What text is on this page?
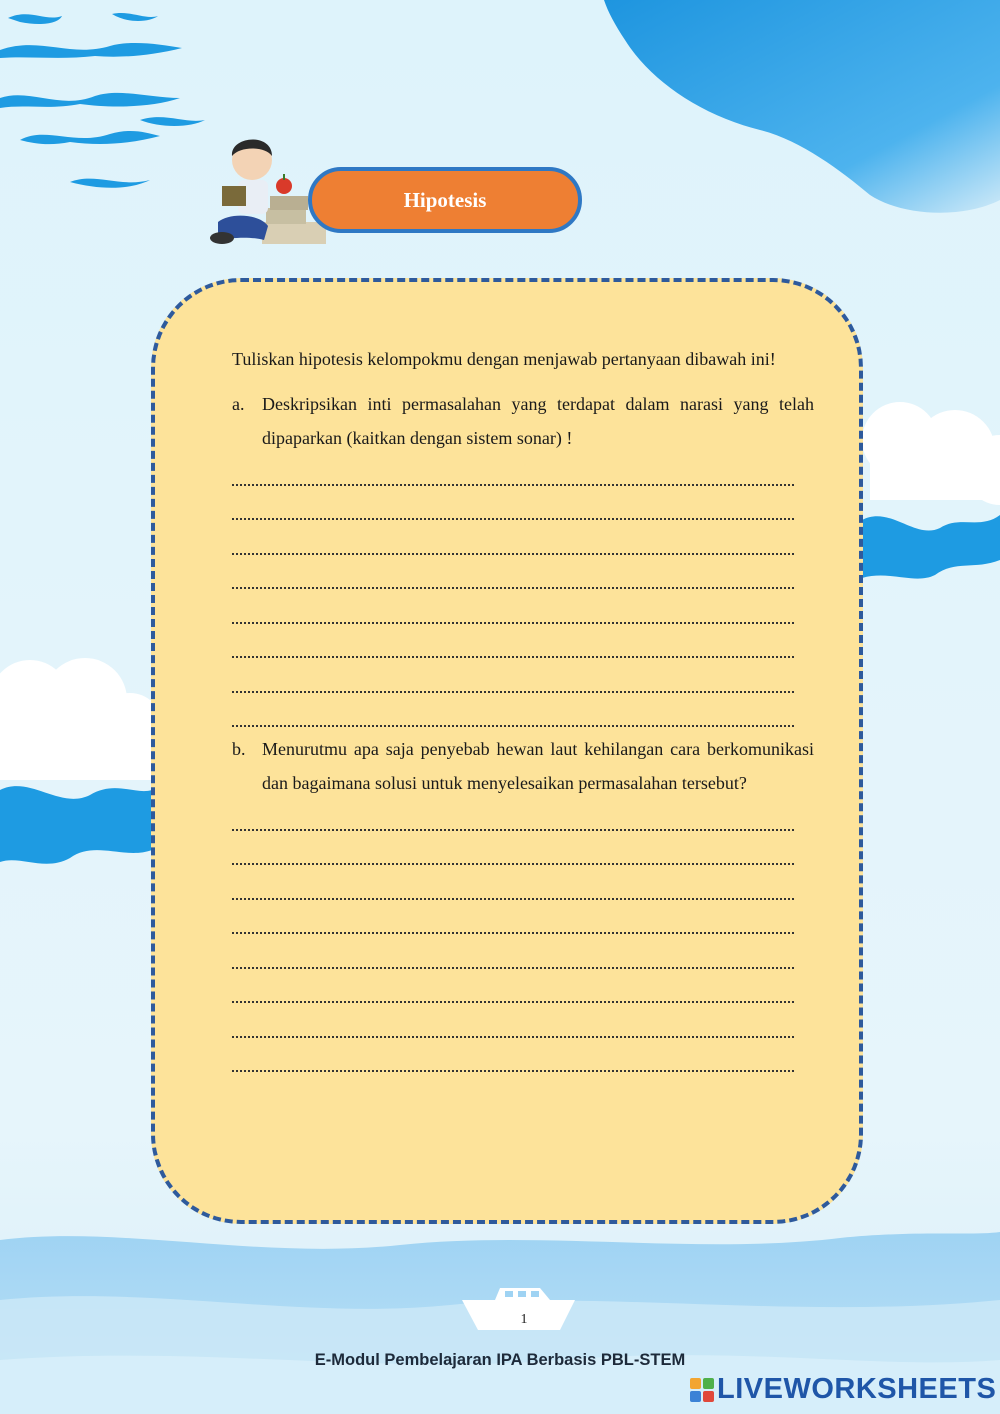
Hipotesis

Tuliskan hipotesis kelompokmu dengan menjawab pertanyaan dibawah ini!

a. Deskripsikan inti permasalahan yang terdapat dalam narasi yang telah dipaparkan (kaitkan dengan sistem sonar) !
b. Menurutmu apa saja penyebab hewan laut kehilangan cara berkomunikasi dan bagaimana solusi untuk menyelesaikan permasalahan tersebut?
1
E-Modul Pembelajaran IPA Berbasis PBL-STEM
LIVEWORKSHEETS
